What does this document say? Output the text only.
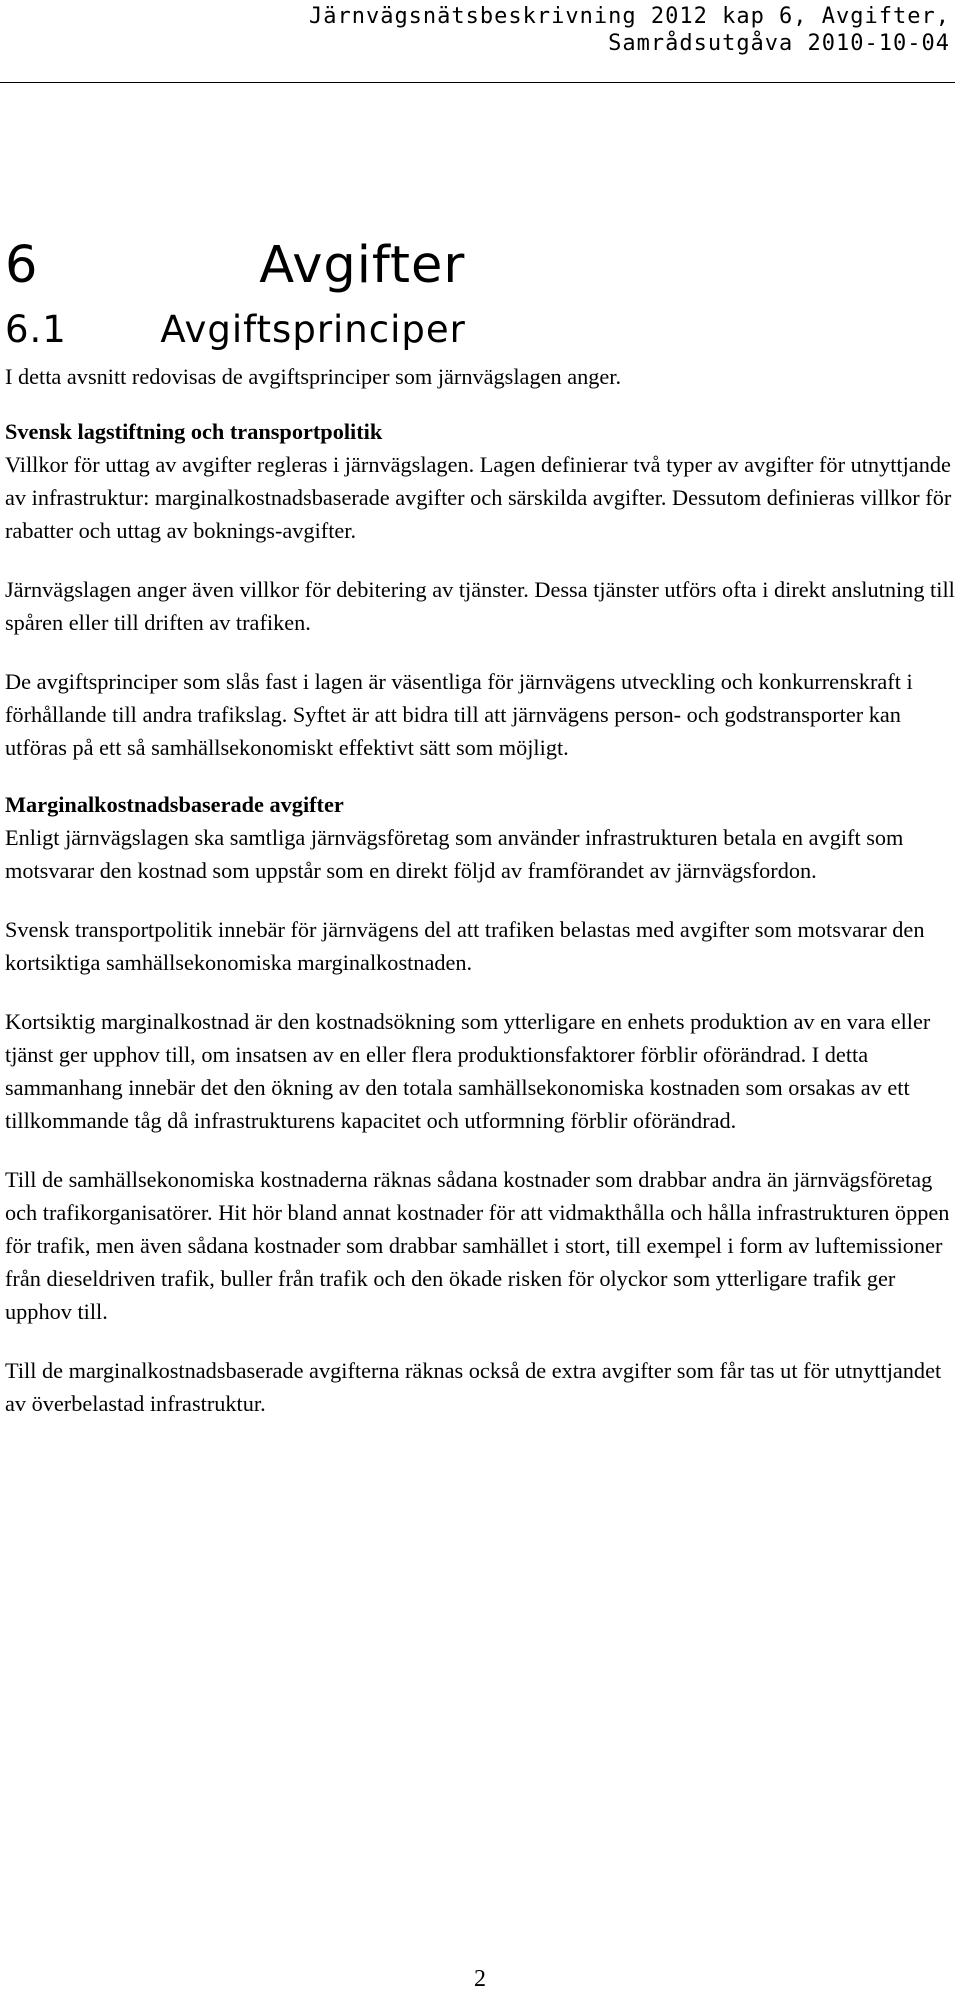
Järnvägsnätsbeskrivning 2012 kap 6, Avgifter,
Samrådsutgåva 2010-10-04
6    Avgifter
6.1  Avgiftsprinciper

I detta avsnitt redovisas de avgiftsprinciper som järnvägslagen anger.

Svensk lagstiftning och transportpolitik

Villkor för uttag av avgifter regleras i järnvägslagen. Lagen definierar två typer av avgifter för utnyttjande av infrastruktur: marginalkostnadsbaserade avgifter och särskilda avgifter. Dessutom definieras villkor för rabatter och uttag av boknings-avgifter.

Järnvägslagen anger även villkor för debitering av tjänster. Dessa tjänster utförs ofta i direkt anslutning till spåren eller till driften av trafiken.

De avgiftsprinciper som slås fast i lagen är väsentliga för järnvägens utveckling och konkurrenskraft i förhållande till andra trafikslag. Syftet är att bidra till att järnvägens person- och godstransporter kan utföras på ett så samhällsekonomiskt effektivt sätt som möjligt.

Marginalkostnadsbaserade avgifter

Enligt järnvägslagen ska samtliga järnvägsföretag som använder infrastrukturen betala en avgift som motsvarar den kostnad som uppstår som en direkt följd av framförandet av järnvägsfordon.

Svensk transportpolitik innebär för järnvägens del att trafiken belastas med avgifter som motsvarar den kortsiktiga samhällsekonomiska marginalkostnaden.

Kortsiktig marginalkostnad är den kostnadsökning som ytterligare en enhets produktion av en vara eller tjänst ger upphov till, om insatsen av en eller flera produktionsfaktorer förblir oförändrad. I detta sammanhang innebär det den ökning av den totala samhällsekonomiska kostnaden som orsakas av ett tillkommande tåg då infrastrukturens kapacitet och utformning förblir oförändrad.

Till de samhällsekonomiska kostnaderna räknas sådana kostnader som drabbar andra än järnvägsföretag och trafikorganisatörer. Hit hör bland annat kostnader för att vidmakthålla och hålla infrastrukturen öppen för trafik, men även sådana kostnader som drabbar samhället i stort, till exempel i form av luftemissioner från dieseldriven trafik, buller från trafik och den ökade risken för olyckor som ytterligare trafik ger upphov till.

Till de marginalkostnadsbaserade avgifterna räknas också de extra avgifter som får tas ut för utnyttjandet av överbelastad infrastruktur.

2
